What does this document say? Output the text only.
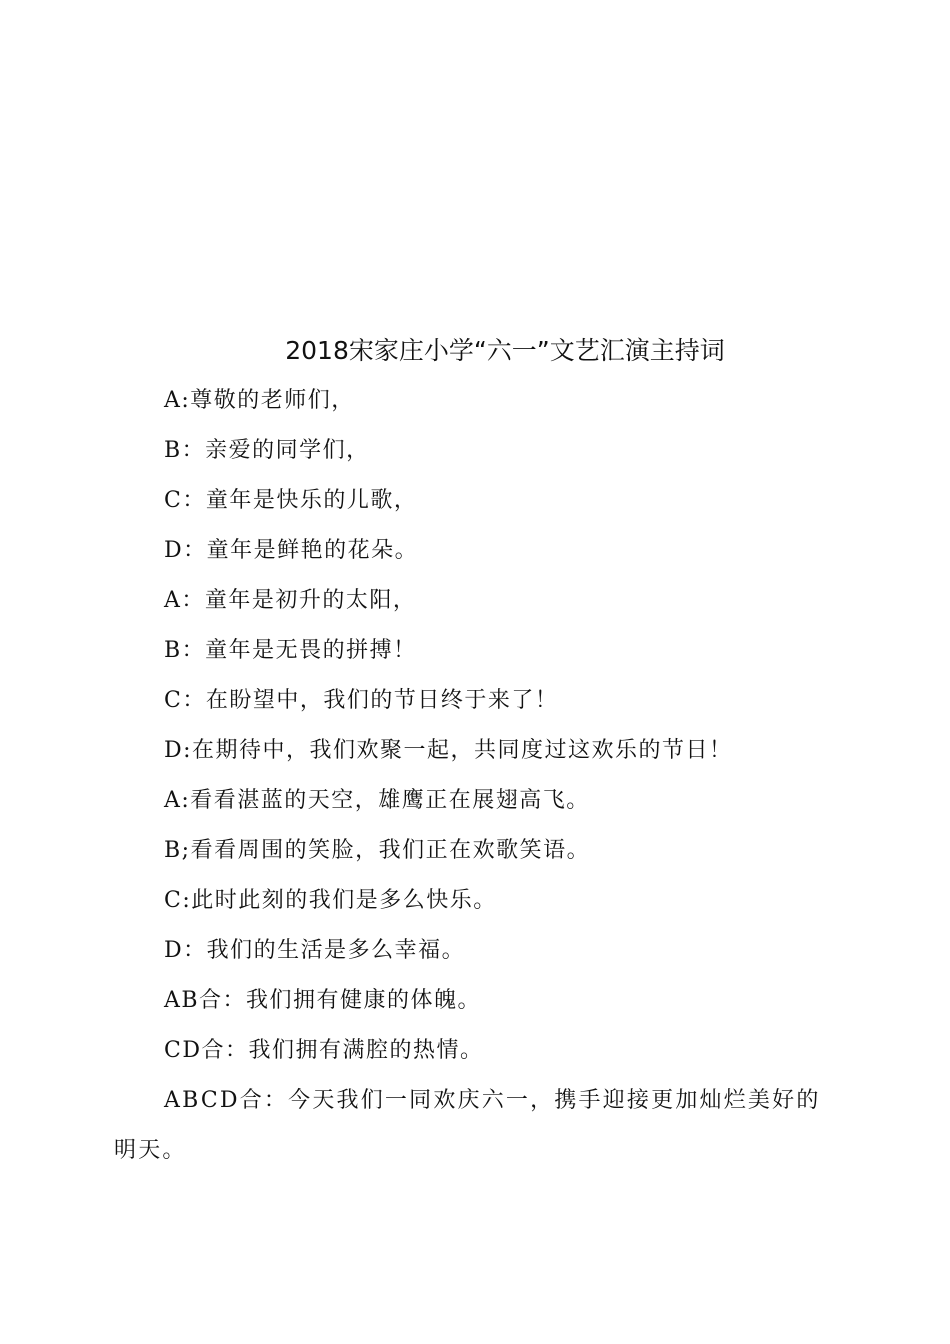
2018宋家庄小学“六一”文艺汇演主持词
A:尊敬的老师们，
B：亲爱的同学们，
C：童年是快乐的儿歌，
D：童年是鲜艳的花朵。
A：童年是初升的太阳，
B：童年是无畏的拼搏！
C：在盼望中，我们的节日终于来了！
D:在期待中，我们欢聚一起，共同度过这欢乐的节日！
A:看看湛蓝的天空，雄鹰正在展翅高飞。
B;看看周围的笑脸，我们正在欢歌笑语。
C:此时此刻的我们是多么快乐。
D：我们的生活是多么幸福。
AB合：我们拥有健康的体魄。
CD合：我们拥有满腔的热情。
ABCD合：今天我们一同欢庆六一，携手迎接更加灿烂美好的明天。
